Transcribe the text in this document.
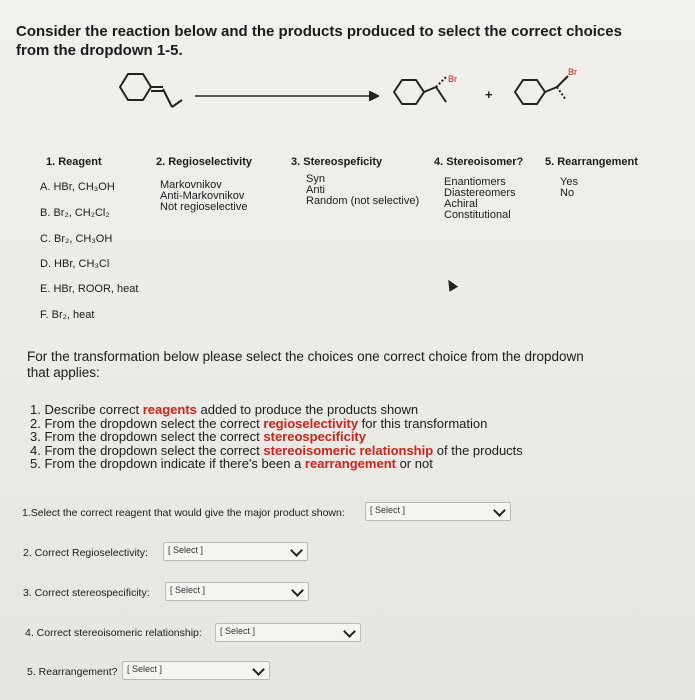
Consider the reaction below and the products produced to select the correct choices from the dropdown 1-5.
Br
+
Br
1. Reagent
A. HBr, CH₃OH
B. Br₂, CH₂Cl₂
C. Br₂, CH₃OH
D. HBr, CH₃Cl
E. HBr, ROOR, heat
F. Br₂, heat
2. Regioselectivity
Markovnikov
Anti-Markovnikov
Not regioselective
3. Stereospeficity
Syn
Anti
Random (not selective)
4. Stereoisomer?
Enantiomers
Diastereomers
Achiral
Constitutional
5. Rearrangement
Yes
No
For the transformation below please select the choices one correct choice from the dropdown that applies:
1. Describe correct reagents added to produce the products shown
2. From the dropdown select the correct regioselectivity for this transformation
3. From the dropdown select the correct stereospecificity
4. From the dropdown select the correct stereoisomeric relationship of the products
5. From the dropdown indicate if there's been a rearrangement or not
1.Select the correct reagent that would give the major product shown:	[ Select ]
2. Correct Regioselectivity: [ Select ]
3. Correct stereospecificity: [ Select ]
4. Correct stereoisomeric relationship: [ Select ]
5. Rearrangement? [ Select ]
